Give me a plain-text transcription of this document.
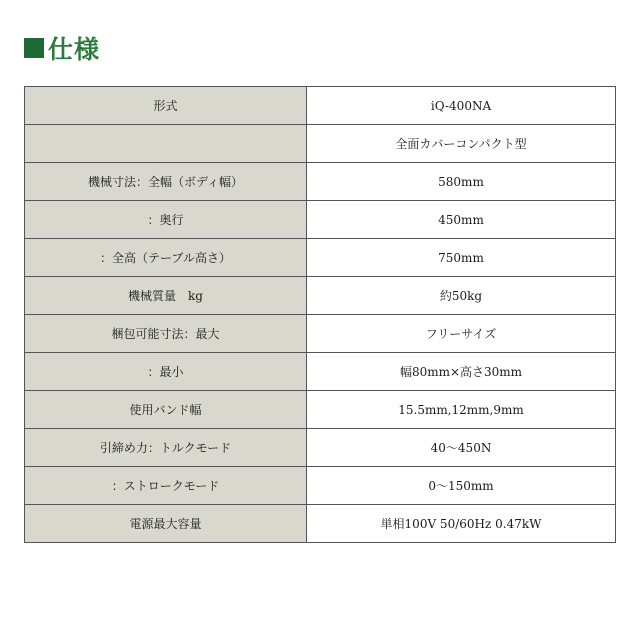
仕様
形式	iQ-400NA
	全面カバーコンパクト型
機械寸法：全幅（ボディ幅）	580mm
：奥行	450mm
：全高（テーブル高さ）	750mm
機械質量　kg	約50kg
梱包可能寸法：最大	フリーサイズ
：最小	幅80mm×高さ30mm
使用バンド幅	15.5mm,12mm,9mm
引締め力：トルクモード	40〜450N
：ストロークモード	0〜150mm
電源最大容量	単相100V 50/60Hz 0.47kW
